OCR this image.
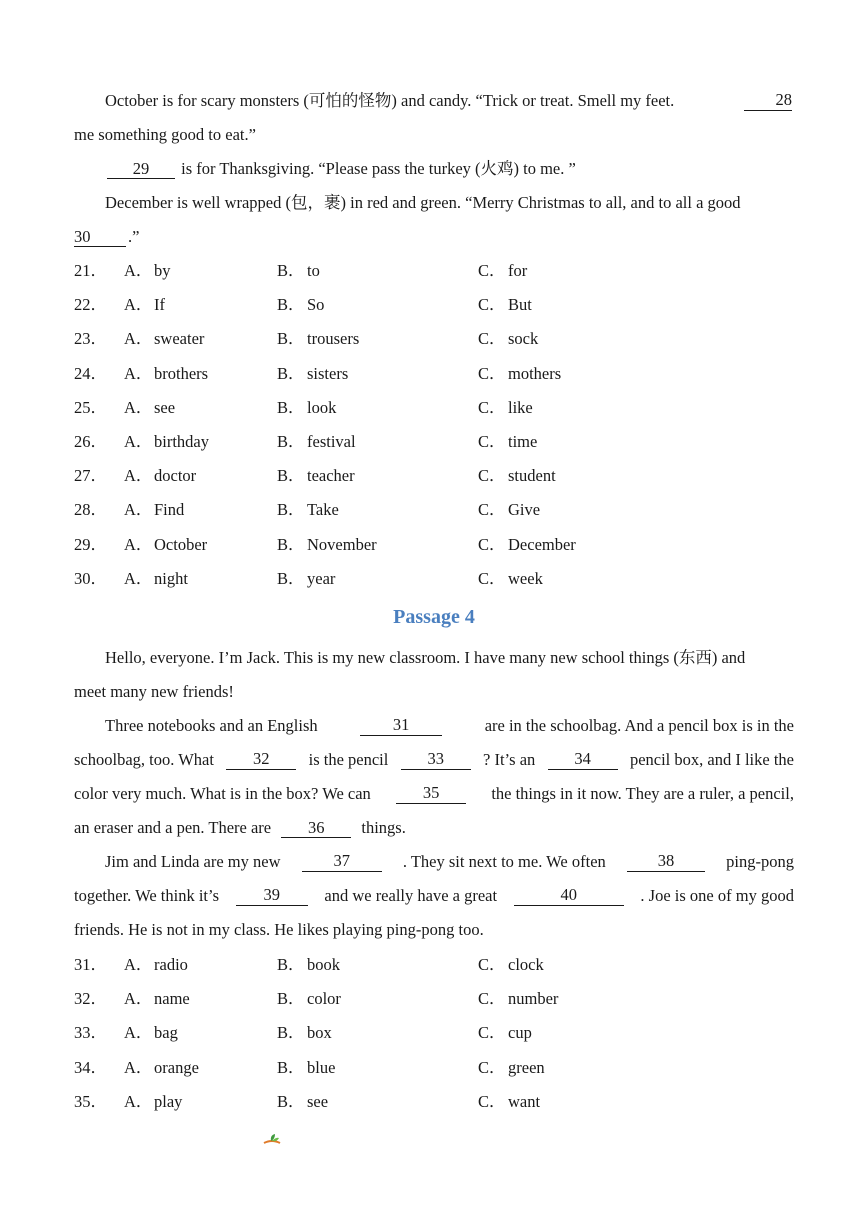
October is for scary monsters (可怕的怪物) and candy. “Trick or treat. Smell my feet.	28
me something good to eat.”
29 is for Thanksgiving. “Please pass the turkey (火鸡) to me. ”
December is well wrapped (包，裹) in red and green. “Merry Christmas to all, and to all a good
30 .”
21． A．by	B． to	C． for
22． A．If	B． So	C． But
23． A．sweater	B． trousers	C． sock
24． A．brothers	B． sisters	C． mothers
25． A．see	B． look	C． like
26． A．birthday	B． festival	C． time
27． A．doctor	B． teacher	C． student
28． A．Find	B． Take	C． Give
29． A．October	B． November	C． December
30． A．night	B． year	C． week
Passage 4
Hello, everyone. I’m Jack. This is my new classroom. I have many new school things (东西) and
meet many new friends!
Three notebooks and an English	31	are in the schoolbag. And a pencil box is in the
schoolbag, too. What	32	is the pencil	33	? It’s an	34	pencil box, and I like the
color very much. What is in the box? We can	35	the things in it now. They are a ruler, a pencil,
an eraser and a pen. There are 36 things.
Jim and Linda are my new	37	. They sit next to me. We often	38	ping-pong
together. We think it’s	39	and we really have a great	40	. Joe is one of my good
friends. He is not in my class. He likes playing ping-pong too.
31． A．radio	B． book	C． clock
32． A．name	B． color	C． number
33． A．bag	B． box	C． cup
34． A．orange	B． blue	C． green
35． A．play	B． see	C． want
